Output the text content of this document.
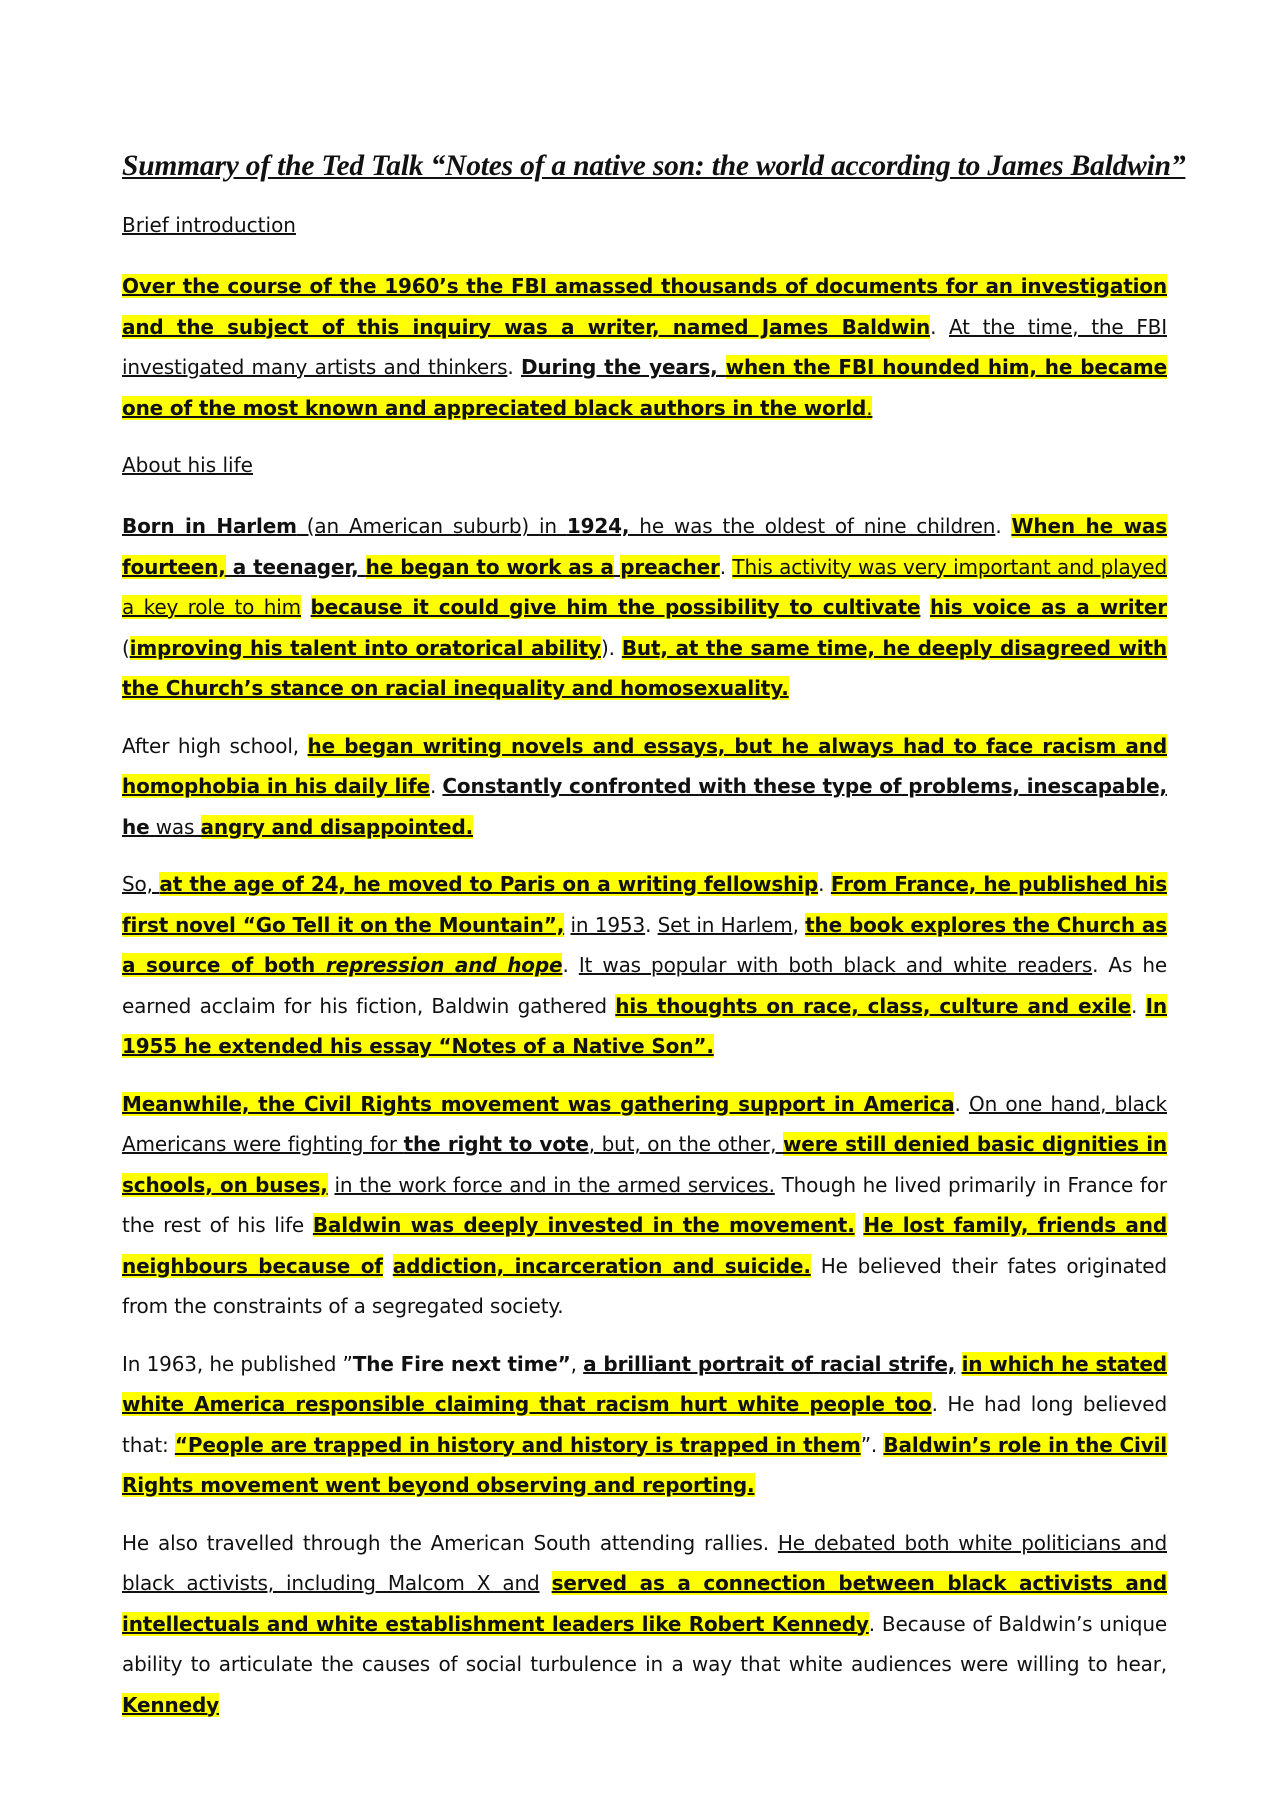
Summary of the Ted Talk “Notes of a native son: the world according to James Baldwin”
Brief introduction

Over the course of the 1960’s the FBI amassed thousands of documents for an investigation and the subject of this inquiry was a writer, named James Baldwin. At the time, the FBI investigated many artists and thinkers. During the years, when the FBI hounded him, he became one of the most known and appreciated black authors in the world.

About his life

Born in Harlem (an American suburb) in 1924, he was the oldest of nine children. When he was fourteen, a teenager, he began to work as a preacher. This activity was very important and played a key role to him because it could give him the possibility to cultivate his voice as a writer (improving his talent into oratorical ability). But, at the same time, he deeply disagreed with the Church’s stance on racial inequality and homosexuality.

After high school, he began writing novels and essays, but he always had to face racism and homophobia in his daily life. Constantly confronted with these type of problems, inescapable, he was angry and disappointed.

So, at the age of 24, he moved to Paris on a writing fellowship. From France, he published his first novel “Go Tell it on the Mountain”, in 1953. Set in Harlem, the book explores the Church as a source of both repression and hope. It was popular with both black and white readers. As he earned acclaim for his fiction, Baldwin gathered his thoughts on race, class, culture and exile. In 1955 he extended his essay “Notes of a Native Son”.

Meanwhile, the Civil Rights movement was gathering support in America. On one hand, black Americans were fighting for the right to vote, but, on the other, were still denied basic dignities in schools, on buses, in the work force and in the armed services. Though he lived primarily in France for the rest of his life Baldwin was deeply invested in the movement. He lost family, friends and neighbours because of addiction, incarceration and suicide. He believed their fates originated from the constraints of a segregated society.

In 1963, he published ”The Fire next time”, a brilliant portrait of racial strife, in which he stated white America responsible claiming that racism hurt white people too. He had long believed that: “People are trapped in history and history is trapped in them”. Baldwin’s role in the Civil Rights movement went beyond observing and reporting.

He also travelled through the American South attending rallies. He debated both white politicians and black activists, including Malcom X and served as a connection between black activists and intellectuals and white establishment leaders like Robert Kennedy. Because of Baldwin’s unique ability to articulate the causes of social turbulence in a way that white audiences were willing to hear, Kennedy
